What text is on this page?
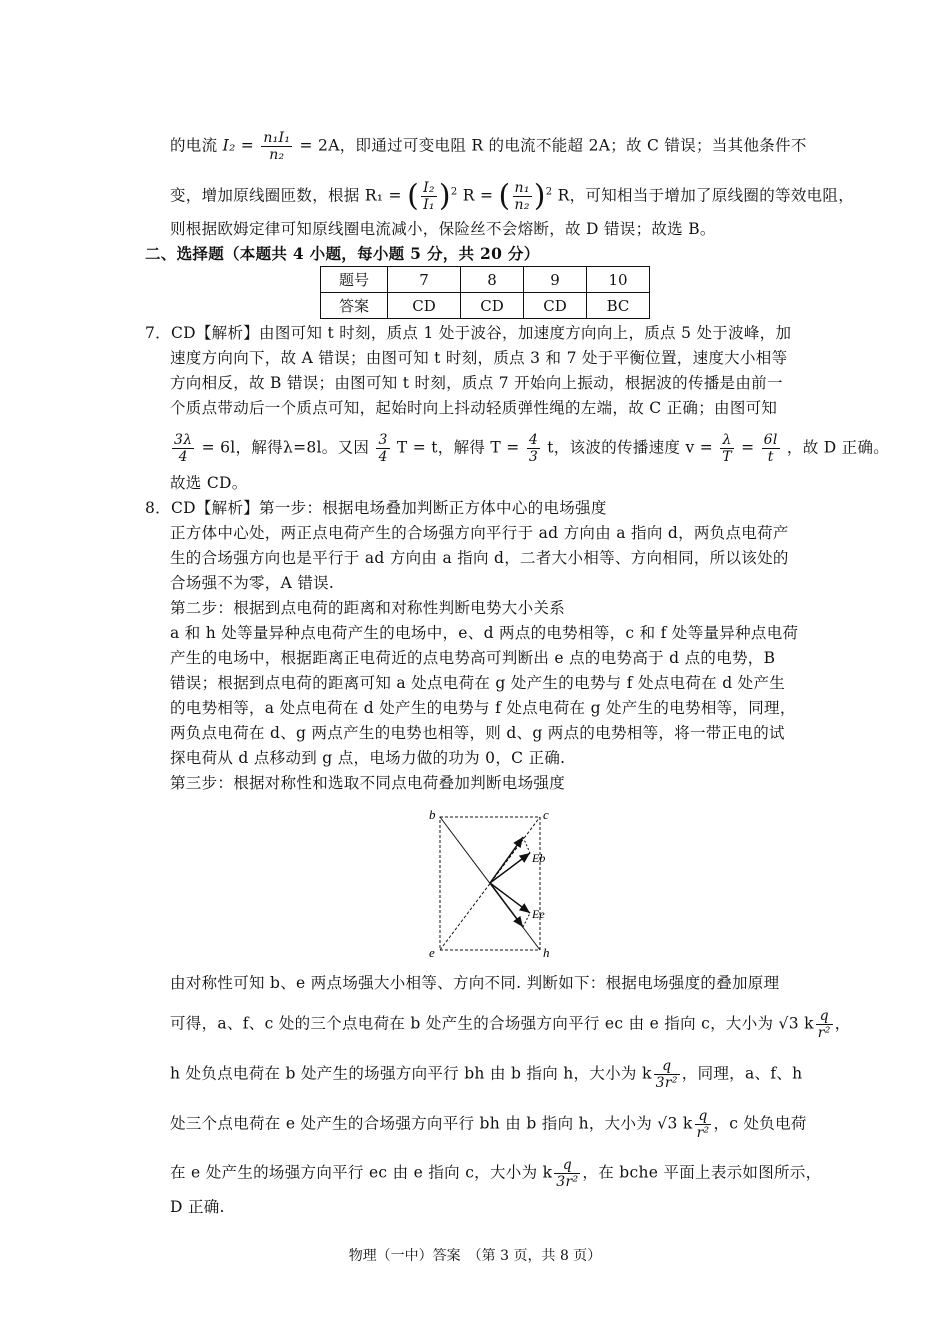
的电流 $I_2 = \frac{\text{n₁I₁}}{\text{n₂}} = 2A$，即通过可变电阻 R 的电流不能超 2A；故 C 错误；当其他条件不
变，增加原线圈匝数，根据 R₁ = ( $\frac{\text{I₂}}{\text{I₁}} )^2$ R = ( $\frac{\text{n₁}}{\text{n₂}} )^2$ R，可知相当于增加了原线圈的等效电阻，
则根据欧姆定律可知原线圈电流减小，保险丝不会熔断，故 D 错误；故选 B。
二、选择题（本题共 4 小题，每小题 5 分，共 20 分）
题号	7	8	9	10
答案	CD	CD	CD	BC
7．CD【解析】由图可知 t 时刻，质点 1 处于波谷，加速度方向向上，质点 5 处于波峰，加
速度方向向下，故 A 错误；由图可知 t 时刻，质点 3 和 7 处于平衡位置，速度大小相等
方向相反，故 B 错误；由图可知 t 时刻，质点 7 开始向上振动，根据波的传播是由前一
个质点带动后一个质点可知，起始时向上抖动轻质弹性绳的左端，故 C 正确；由图可知
$\frac{3\lambda}{4} = 6l$，解得λ=8l。又因 $\frac{3}{4}$ T = t，解得 $T = \frac{4}{3}$ t，该波的传播速度 $v = \frac{\lambda}{T} = \frac{6l}{t}$ ，故 D 正确。
故选 CD。
8．CD【解析】第一步：根据电场叠加判断正方体中心的电场强度
正方体中心处，两正点电荷产生的合场强方向平行于 ad 方向由 a 指向 d，两负点电荷产
生的合场强方向也是平行于 ad 方向由 a 指向 d，二者大小相等、方向相同，所以该处的
合场强不为零，A 错误.
第二步：根据到点电荷的距离和对称性判断电势大小关系
a 和 h 处等量异种点电荷产生的电场中，e、d 两点的电势相等，c 和 f 处等量异种点电荷
产生的电场中，根据距离正电荷近的点电势高可判断出 e 点的电势高于 d 点的电势，B
错误；根据到点电荷的距离可知 a 处点电荷在 g 处产生的电势与 f 处点电荷在 d 处产生
的电势相等，a 处点电荷在 d 处产生的电势与 f 处点电荷在 g 处产生的电势相等，同理，
两负点电荷在 d、g 两点产生的电势也相等，则 d、g 两点的电势相等，将一带正电的试
探电荷从 d 点移动到 g 点，电场力做的功为 0，C 正确.
第三步：根据对称性和选取不同点电荷叠加判断电场强度
b	c
e	h
Eb
Ee
由对称性可知 b、e 两点场强大小相等、方向不同. 判断如下：根据电场强度的叠加原理
可得，a、f、c 处的三个点电荷在 b 处产生的合场强方向平行 ec 由 e 指向 c，大小为 √3 k $\frac{q}{\text{r²}}$ ，
h 处负点电荷在 b 处产生的场强方向平行 bh 由 b 指向 h，大小为 k $\frac{q}{\text{3r²}}$ ，同理，a、f、h
处三个点电荷在 e 处产生的合场强方向平行 bh 由 b 指向 h，大小为 √3 k $\frac{q}{\text{r²}}$ ，c 处负电荷
在 e 处产生的场强方向平行 ec 由 e 指向 c，大小为 k $\frac{q}{\text{3r²}}$ ，在 bche 平面上表示如图所示，
D 正确.
物理（一中）答案　（第 3 页，共 8 页）
